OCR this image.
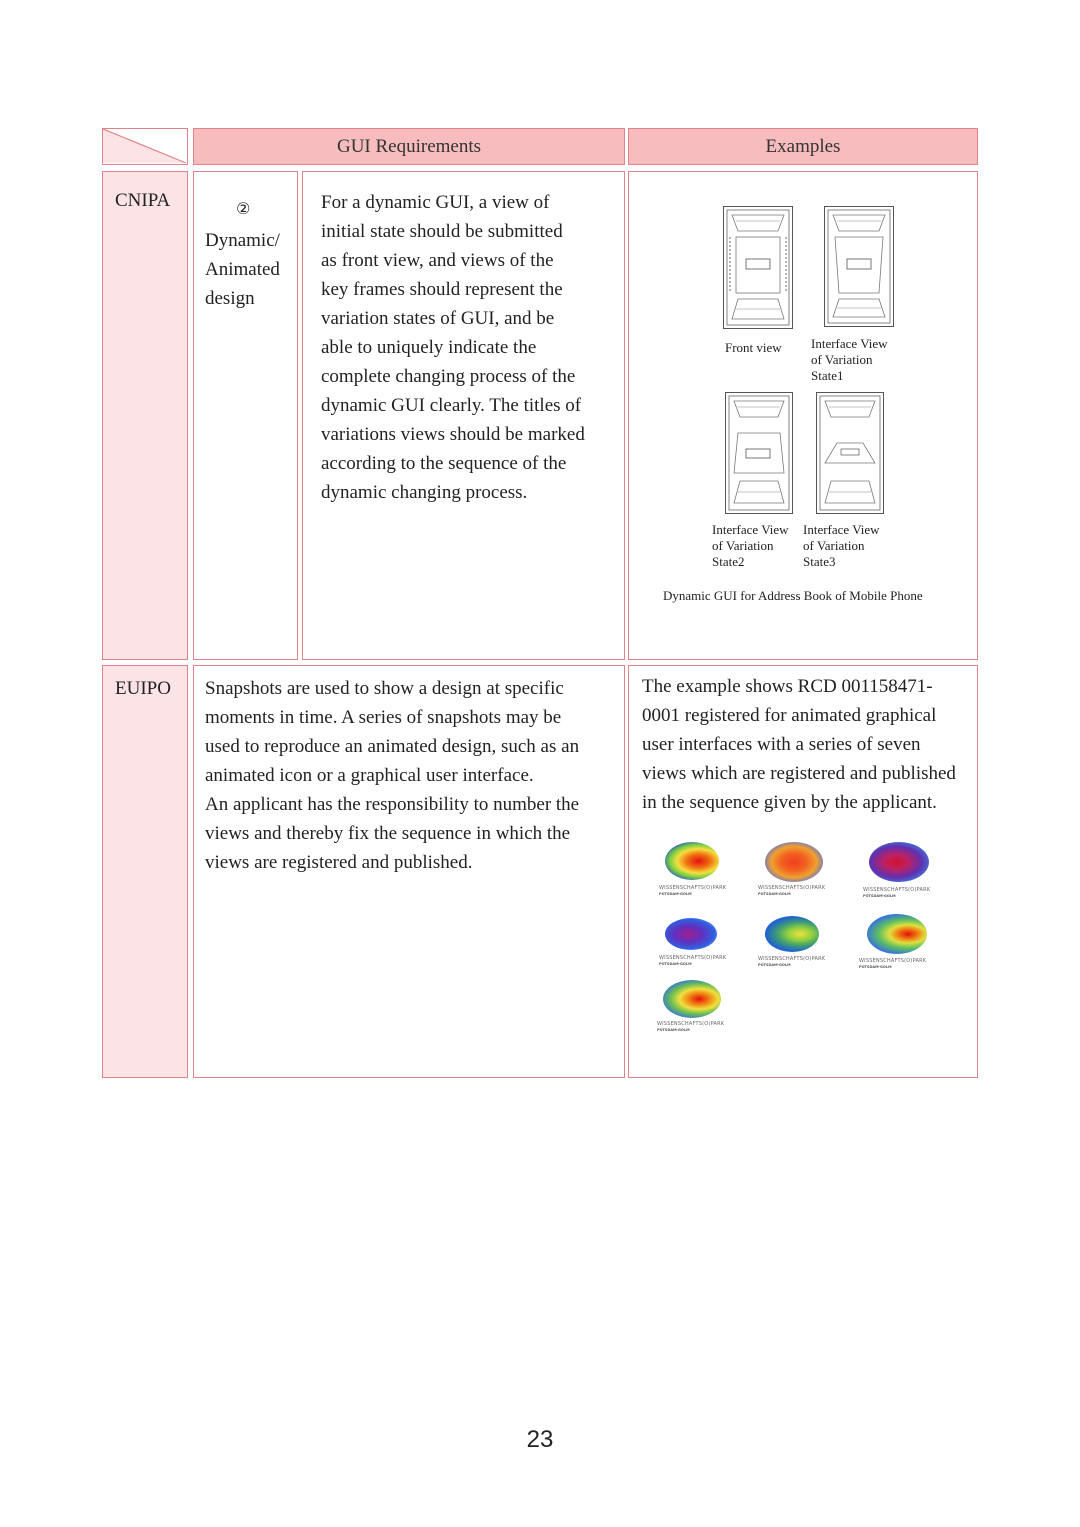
GUI Requirements	Examples
CNIPA	②
Dynamic/
Animated
design
For a dynamic GUI, a view of
initial state should be submitted
as front view, and views of the
key frames should represent the
variation states of GUI, and be
able to uniquely indicate the
complete changing process of the
dynamic GUI clearly. The titles of
variations views should be marked
according to the sequence of the
dynamic changing process.
Front view Interface View
of Variation
State1
Interface View
of Variation
State2
Interface View
of Variation
State3
Dynamic GUI for Address Book of Mobile Phone
EUIPO Snapshots are used to show a design at specific
moments in time. A series of snapshots may be
used to reproduce an animated design, such as an
animated icon or a graphical user interface.
An applicant has the responsibility to number the
views and thereby fix the sequence in which the
views are registered and published.
The example shows RCD 001158471-
0001 registered for animated graphical
user interfaces with a series of seven
views which are registered and published
in the sequence given by the applicant.
WISSENSCHAFTS(O)PARK
POTSDAM-GOLM
WISSENSCHAFTS(O)PARK
POTSDAM-GOLM
WISSENSCHAFTS(O)PARK
POTSDAM-GOLM
WISSENSCHAFTS(O)PARK
POTSDAM-GOLM
WISSENSCHAFTS(O)PARK
POTSDAM-GOLM
WISSENSCHAFTS(O)PARK
POTSDAM-GOLM
WISSENSCHAFTS(O)PARK
POTSDAM-GOLM
23
